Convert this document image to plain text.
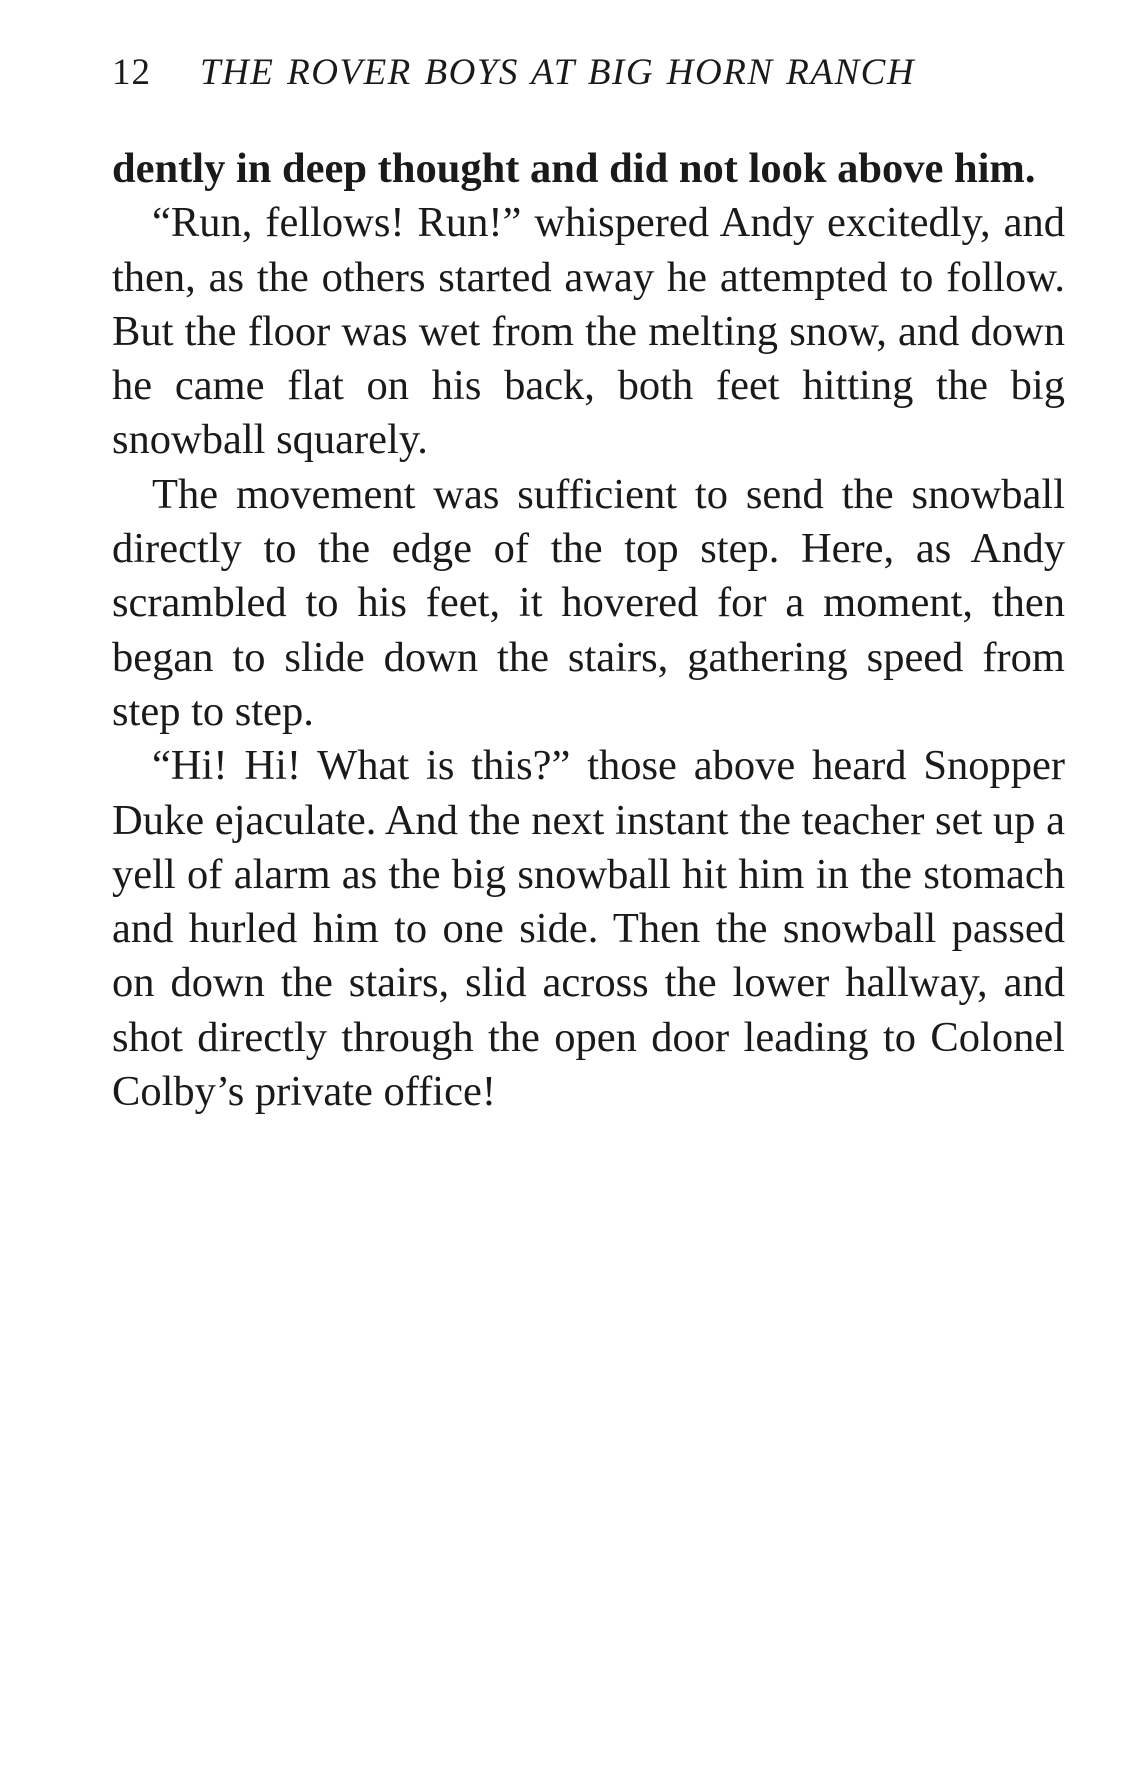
12 THE ROVER BOYS AT BIG HORN RANCH

dently in deep thought and did not look above him.

“Run, fellows! Run!” whispered Andy excitedly, and then, as the others started away he attempted to follow. But the floor was wet from the melting snow, and down he came flat on his back, both feet hitting the big snowball squarely.

The movement was sufficient to send the snowball directly to the edge of the top step. Here, as Andy scrambled to his feet, it hovered for a moment, then began to slide down the stairs, gathering speed from step to step.

“Hi! Hi! What is this?” those above heard Snopper Duke ejaculate. And the next instant the teacher set up a yell of alarm as the big snowball hit him in the stomach and hurled him to one side. Then the snowball passed on down the stairs, slid across the lower hallway, and shot directly through the open door leading to Colonel Colby’s private office!
